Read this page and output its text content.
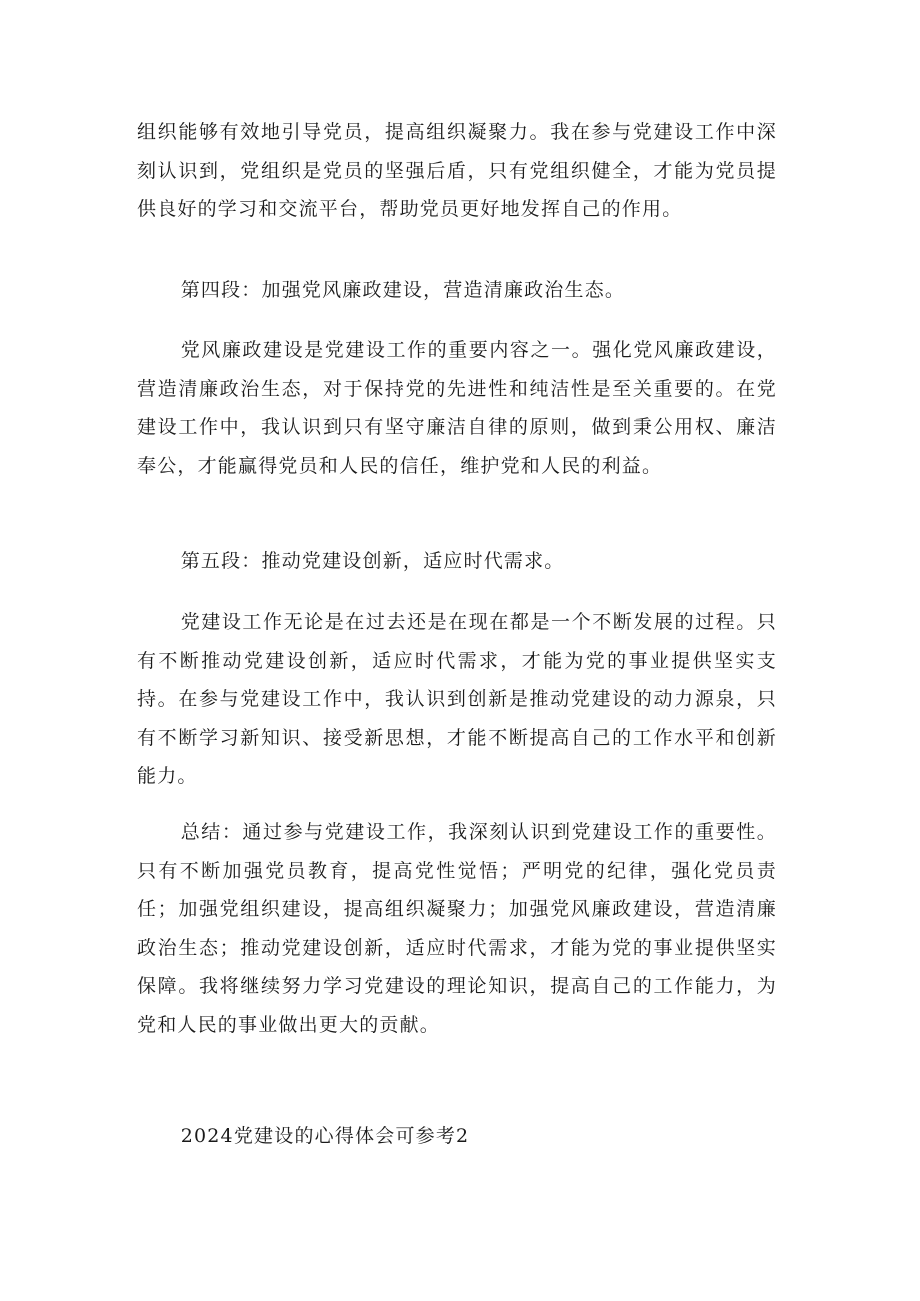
组织能够有效地引导党员，提高组织凝聚力。我在参与党建设工作中深刻认识到，党组织是党员的坚强后盾，只有党组织健全，才能为党员提供良好的学习和交流平台，帮助党员更好地发挥自己的作用。

第四段：加强党风廉政建设，营造清廉政治生态。

党风廉政建设是党建设工作的重要内容之一。强化党风廉政建设，营造清廉政治生态，对于保持党的先进性和纯洁性是至关重要的。在党建设工作中，我认识到只有坚守廉洁自律的原则，做到秉公用权、廉洁奉公，才能赢得党员和人民的信任，维护党和人民的利益。

第五段：推动党建设创新，适应时代需求。

党建设工作无论是在过去还是在现在都是一个不断发展的过程。只有不断推动党建设创新，适应时代需求，才能为党的事业提供坚实支持。在参与党建设工作中，我认识到创新是推动党建设的动力源泉，只有不断学习新知识、接受新思想，才能不断提高自己的工作水平和创新能力。

总结：通过参与党建设工作，我深刻认识到党建设工作的重要性。只有不断加强党员教育，提高党性觉悟；严明党的纪律，强化党员责任；加强党组织建设，提高组织凝聚力；加强党风廉政建设，营造清廉政治生态；推动党建设创新，适应时代需求，才能为党的事业提供坚实保障。我将继续努力学习党建设的理论知识，提高自己的工作能力，为党和人民的事业做出更大的贡献。

2024党建设的心得体会可参考2
